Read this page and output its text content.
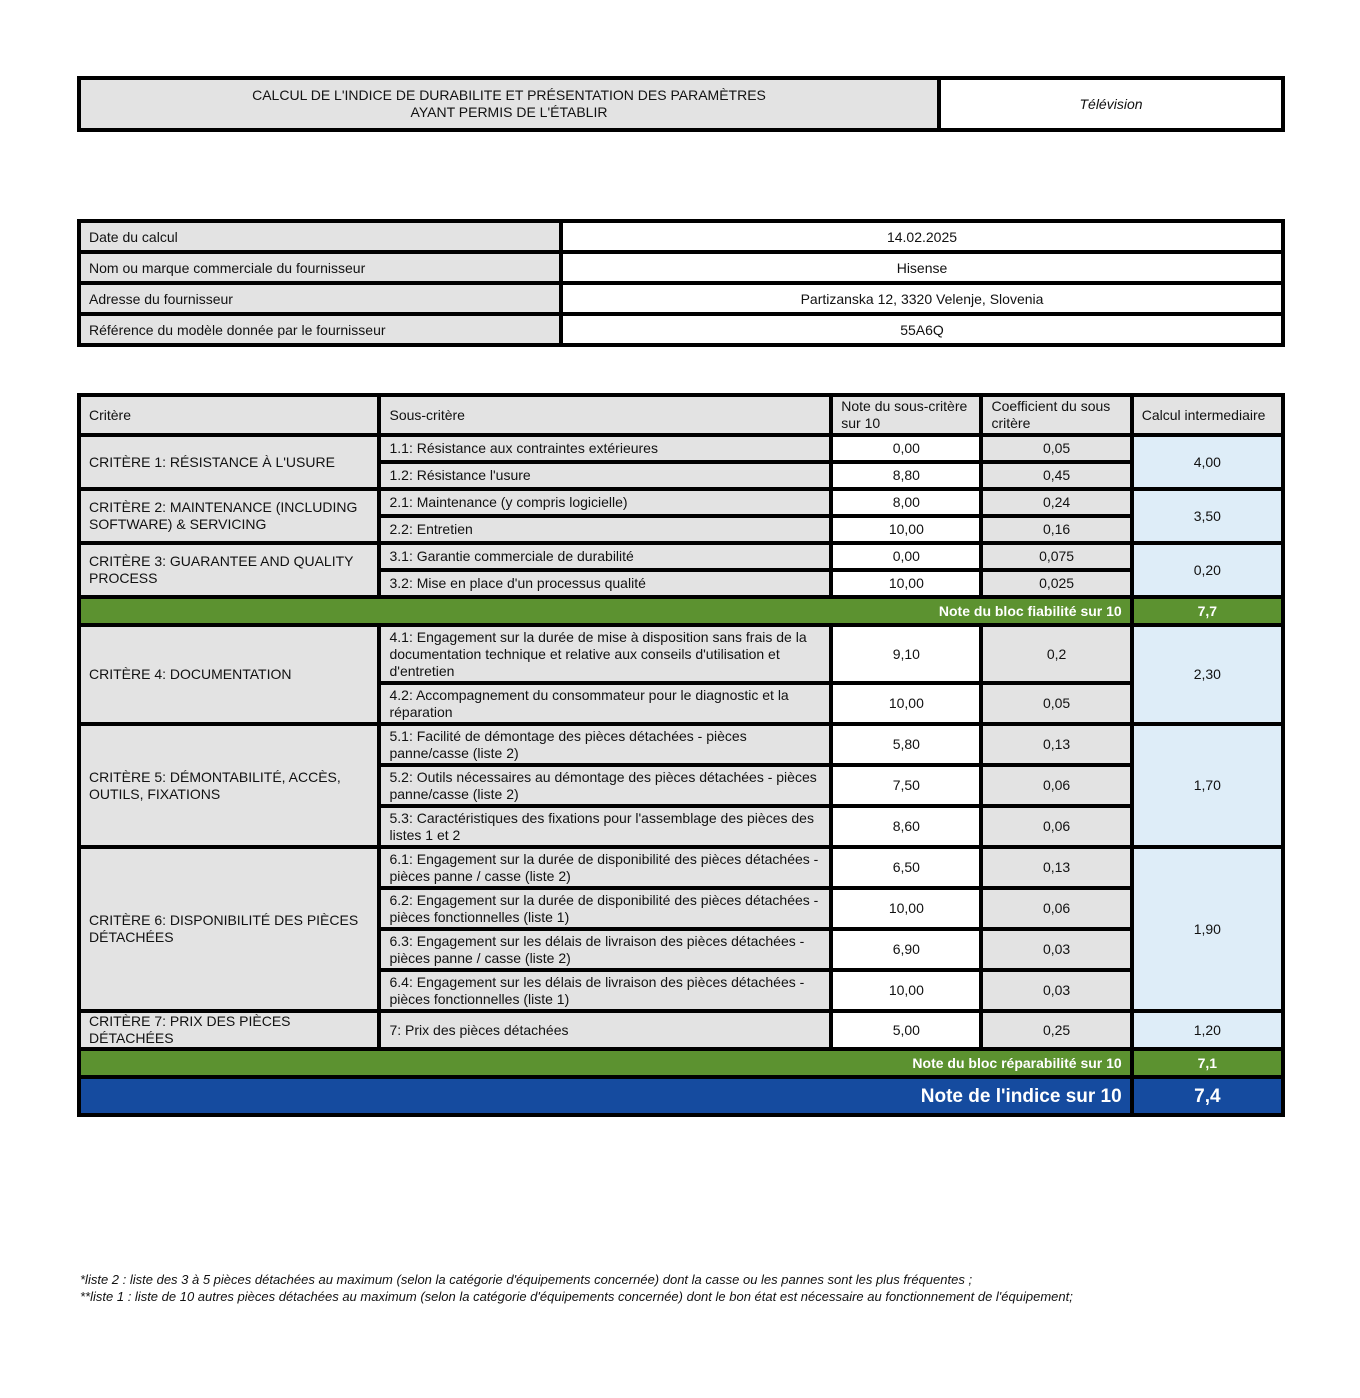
CALCUL DE L'INDICE DE DURABILITE ET PRÉSENTATION DES PARAMÈTRES
AYANT PERMIS DE L'ÉTABLIR	Télévision
Date du calcul	14.02.2025
Nom ou marque commerciale du fournisseur	Hisense
Adresse du fournisseur	Partizanska 12, 3320 Velenje, Slovenia
Référence du modèle donnée par le fournisseur	55A6Q
Critère	Sous-critère	Note du sous-critère sur 10	Coefficient du sous critère	Calcul intermediaire
CRITÈRE 1: RÉSISTANCE À L'USURE	1.1: Résistance aux contraintes extérieures	0,00	0,05	4,00
	1.2: Résistance l'usure	8,80	0,45	
CRITÈRE 2: MAINTENANCE (INCLUDING SOFTWARE) & SERVICING	2.1: Maintenance (y compris logicielle)	8,00	0,24	3,50
	2.2: Entretien	10,00	0,16	
CRITÈRE 3: GUARANTEE AND QUALITY PROCESS	3.1: Garantie commerciale de durabilité	0,00	0,075	0,20
	3.2: Mise en place d'un processus qualité	10,00	0,025	
Note du bloc fiabilité sur 10				7,7
CRITÈRE 4: DOCUMENTATION	4.1: Engagement sur la durée de mise à disposition sans frais de la documentation technique et relative aux conseils d'utilisation et d'entretien	9,10	0,2	2,30
	4.2: Accompagnement du consommateur pour le diagnostic et la réparation	10,00	0,05	
CRITÈRE 5: DÉMONTABILITÉ, ACCÈS, OUTILS, FIXATIONS	5.1: Facilité de démontage des pièces détachées - pièces panne/casse (liste 2)	5,80	0,13	1,70
	5.2: Outils nécessaires au démontage des pièces détachées - pièces panne/casse (liste 2)	7,50	0,06	
	5.3: Caractéristiques des fixations pour l'assemblage des pièces des listes 1 et 2	8,60	0,06	
CRITÈRE 6: DISPONIBILITÉ DES PIÈCES DÉTACHÉES	6.1: Engagement sur la durée de disponibilité des pièces détachées - pièces panne / casse (liste 2)	6,50	0,13	1,90
	6.2: Engagement sur la durée de disponibilité des pièces détachées - pièces fonctionnelles (liste 1)	10,00	0,06	
	6.3: Engagement sur les délais de livraison des pièces détachées - pièces panne / casse (liste 2)	6,90	0,03	
	6.4: Engagement sur les délais de livraison des pièces détachées - pièces fonctionnelles (liste 1)	10,00	0,03	
CRITÈRE 7: PRIX DES PIÈCES DÉTACHÉES	7: Prix des pièces détachées	5,00	0,25	1,20
Note du bloc réparabilité sur 10				7,1
Note de l'indice sur 10				7,4
*liste 2 : liste des 3 à 5 pièces détachées au maximum (selon la catégorie d'équipements concernée) dont la casse ou les pannes sont les plus fréquentes ;
**liste 1 : liste de 10 autres pièces détachées au maximum (selon la catégorie d'équipements concernée) dont le bon état est nécessaire au fonctionnement de l'équipement;
